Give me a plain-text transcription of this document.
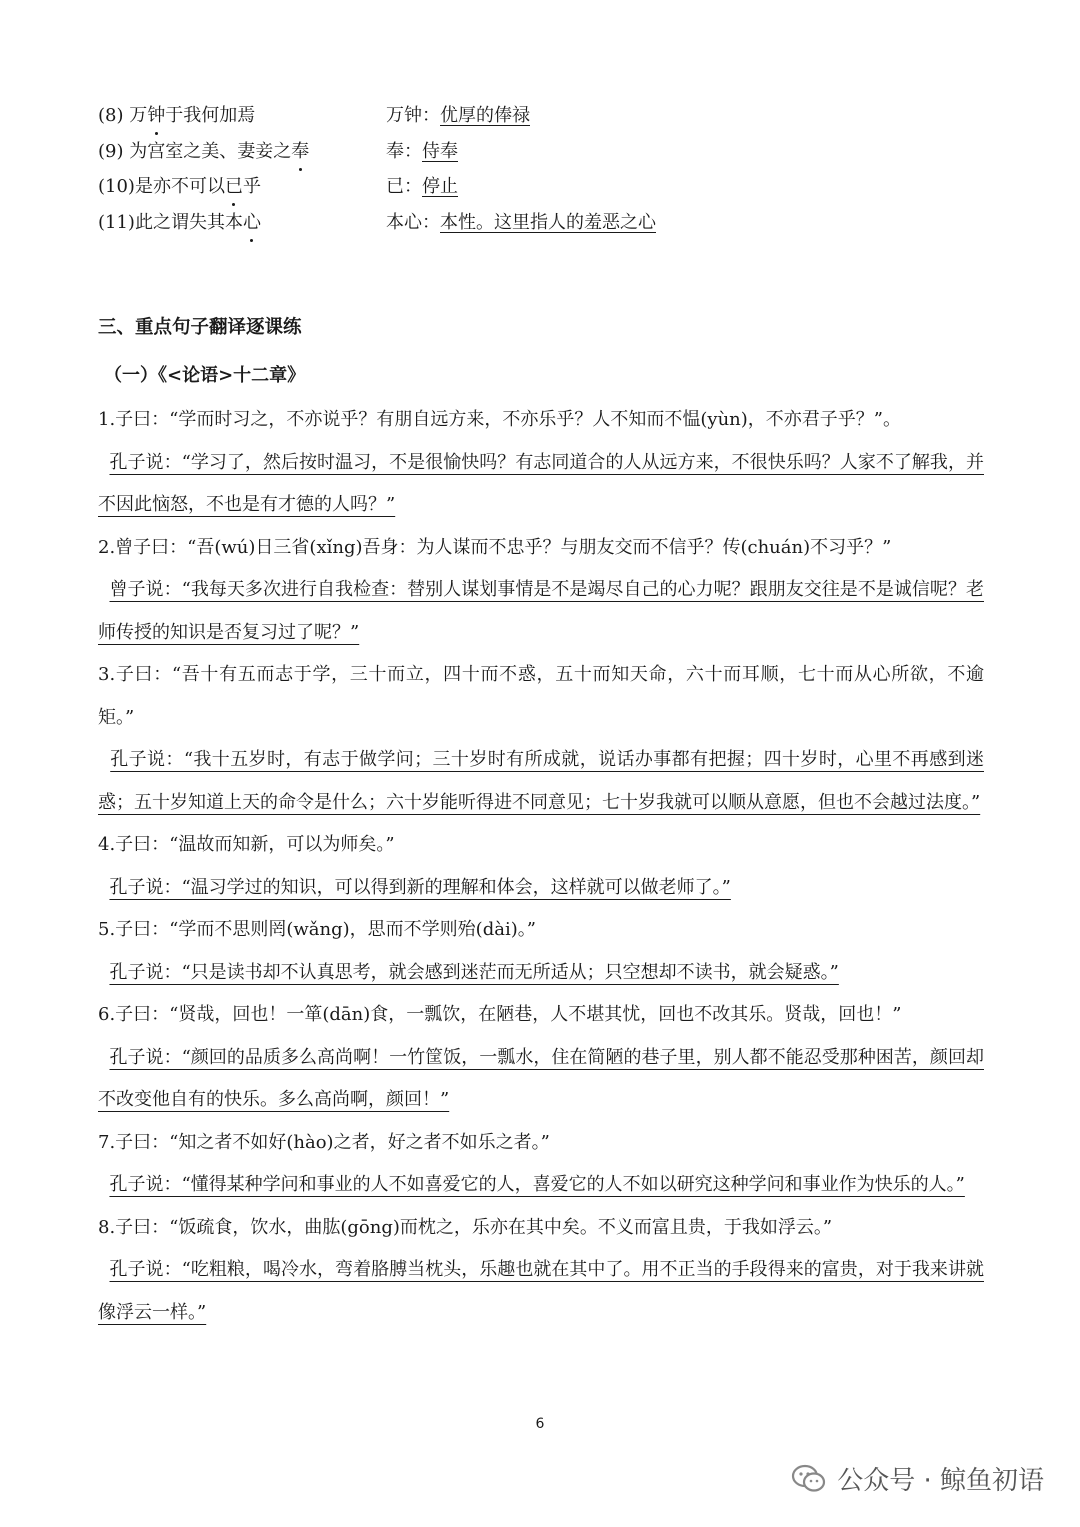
(8) 万钟于我何加焉	万钟：优厚的俸禄
(9) 为宫室之美、妻妾之奉	奉：侍奉
(10)是亦不可以已乎	已：停止
(11)此之谓失其本心	本心：本性。这里指人的羞恶之心
三、重点句子翻译逐课练
（一）《<论语>十二章》

1.子曰：“学而时习之，不亦说乎？有朋自远方来，不亦乐乎？人不知而不愠(yùn)，不亦君子乎？”。

孔子说：“学习了，然后按时温习，不是很愉快吗？有志同道合的人从远方来，不很快乐吗？人家不了解我，并不因此恼怒，不也是有才德的人吗？”

2.曾子曰：“吾(wú)日三省(xǐng)吾身：为人谋而不忠乎？与朋友交而不信乎？传(chuán)不习乎？”

曾子说：“我每天多次进行自我检查：替别人谋划事情是不是竭尽自己的心力呢？跟朋友交往是不是诚信呢？老师传授的知识是否复习过了呢？”

3.子曰：“吾十有五而志于学，三十而立，四十而不惑，五十而知天命，六十而耳顺，七十而从心所欲，不逾矩。”

孔子说：“我十五岁时，有志于做学问；三十岁时有所成就，说话办事都有把握；四十岁时，心里不再感到迷惑；五十岁知道上天的命令是什么；六十岁能听得进不同意见；七十岁我就可以顺从意愿，但也不会越过法度。”

4.子曰：“温故而知新，可以为师矣。”

孔子说：“温习学过的知识，可以得到新的理解和体会，这样就可以做老师了。”

5.子曰：“学而不思则罔(wǎng)，思而不学则殆(dài)。”

孔子说：“只是读书却不认真思考，就会感到迷茫而无所适从；只空想却不读书，就会疑惑。”

6.子曰：“贤哉，回也！一箪(dān)食，一瓢饮，在陋巷，人不堪其忧，回也不改其乐。贤哉，回也！”

孔子说：“颜回的品质多么高尚啊！一竹筐饭，一瓢水，住在简陋的巷子里，别人都不能忍受那种困苦，颜回却不改变他自有的快乐。多么高尚啊，颜回！”

7.子曰：“知之者不如好(hào)之者，好之者不如乐之者。”

孔子说：“懂得某种学问和事业的人不如喜爱它的人，喜爱它的人不如以研究这种学问和事业作为快乐的人。”

8.子曰：“饭疏食，饮水，曲肱(gōng)而枕之，乐亦在其中矣。不义而富且贵，于我如浮云。”

孔子说：“吃粗粮，喝冷水，弯着胳膊当枕头，乐趣也就在其中了。用不正当的手段得来的富贵，对于我来讲就像浮云一样。”

6
公众号 · 鲸鱼初语
